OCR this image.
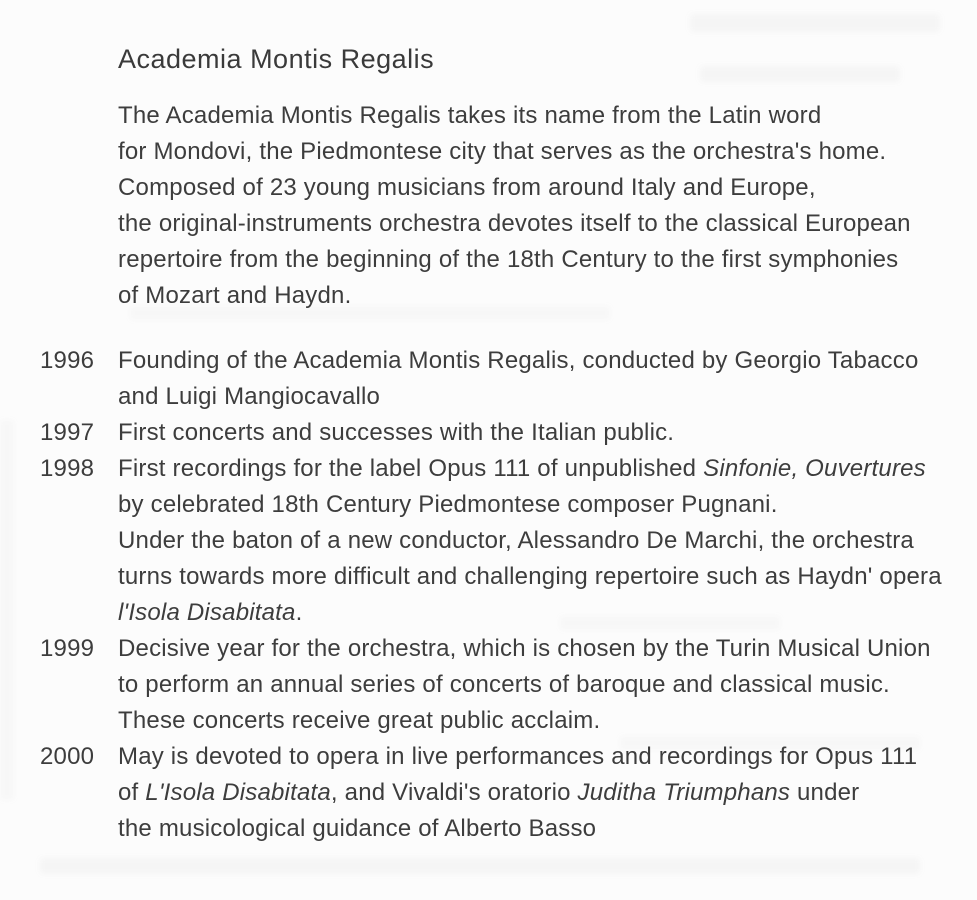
Academia Montis Regalis
The Academia Montis Regalis takes its name from the Latin word
for Mondovi, the Piedmontese city that serves as the orchestra's home.
Composed of 23 young musicians from around Italy and Europe,
the original-instruments orchestra devotes itself to the classical European
repertoire from the beginning of the 18th Century to the first symphonies
of Mozart and Haydn.
1996 Founding of the Academia Montis Regalis, conducted by Georgio Tabacco
and Luigi Mangiocavallo
1997 First concerts and successes with the Italian public.
1998 First recordings for the label Opus 111 of unpublished Sinfonie, Ouvertures
by celebrated 18th Century Piedmontese composer Pugnani.
Under the baton of a new conductor, Alessandro De Marchi, the orchestra
turns towards more difficult and challenging repertoire such as Haydn' opera
l'Isola Disabitata.
1999 Decisive year for the orchestra, which is chosen by the Turin Musical Union
to perform an annual series of concerts of baroque and classical music.
These concerts receive great public acclaim.
2000 May is devoted to opera in live performances and recordings for Opus 111
of L'Isola Disabitata, and Vivaldi's oratorio Juditha Triumphans under
the musicological guidance of Alberto Basso
